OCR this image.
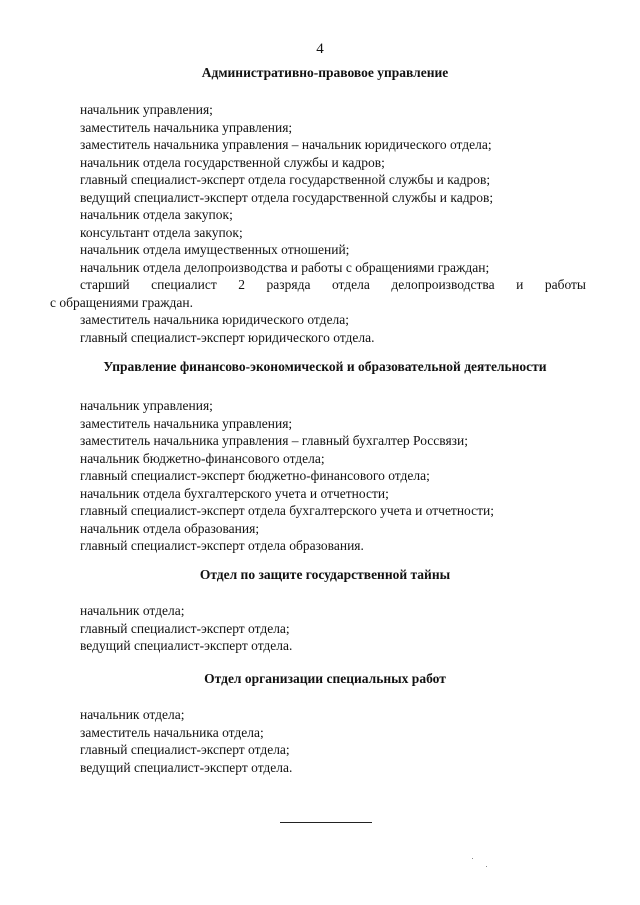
4
Административно-правовое управление
начальник управления;
заместитель начальника управления;
заместитель начальника управления – начальник юридического отдела;
начальник отдела государственной службы и кадров;
главный специалист-эксперт отдела государственной службы и кадров;
ведущий специалист-эксперт отдела государственной службы и кадров;
начальник отдела закупок;
консультант отдела закупок;
начальник отдела имущественных отношений;
начальник отдела делопроизводства и работы с обращениями граждан;
старший специалист 2 разряда отдела делопроизводства и работы
с обращениями граждан.
заместитель начальника юридического отдела;
главный специалист-эксперт юридического отдела.
Управление финансово-экономической и образовательной деятельности
начальник управления;
заместитель начальника управления;
заместитель начальника управления – главный бухгалтер Россвязи;
начальник бюджетно-финансового отдела;
главный специалист-эксперт бюджетно-финансового отдела;
начальник отдела бухгалтерского учета и отчетности;
главный специалист-эксперт отдела бухгалтерского учета и отчетности;
начальник отдела образования;
главный специалист-эксперт отдела образования.
Отдел по защите государственной тайны
начальник отдела;
главный специалист-эксперт отдела;
ведущий специалист-эксперт отдела.
Отдел организации специальных работ
начальник отдела;
заместитель начальника отдела;
главный специалист-эксперт отдела;
ведущий специалист-эксперт отдела.
